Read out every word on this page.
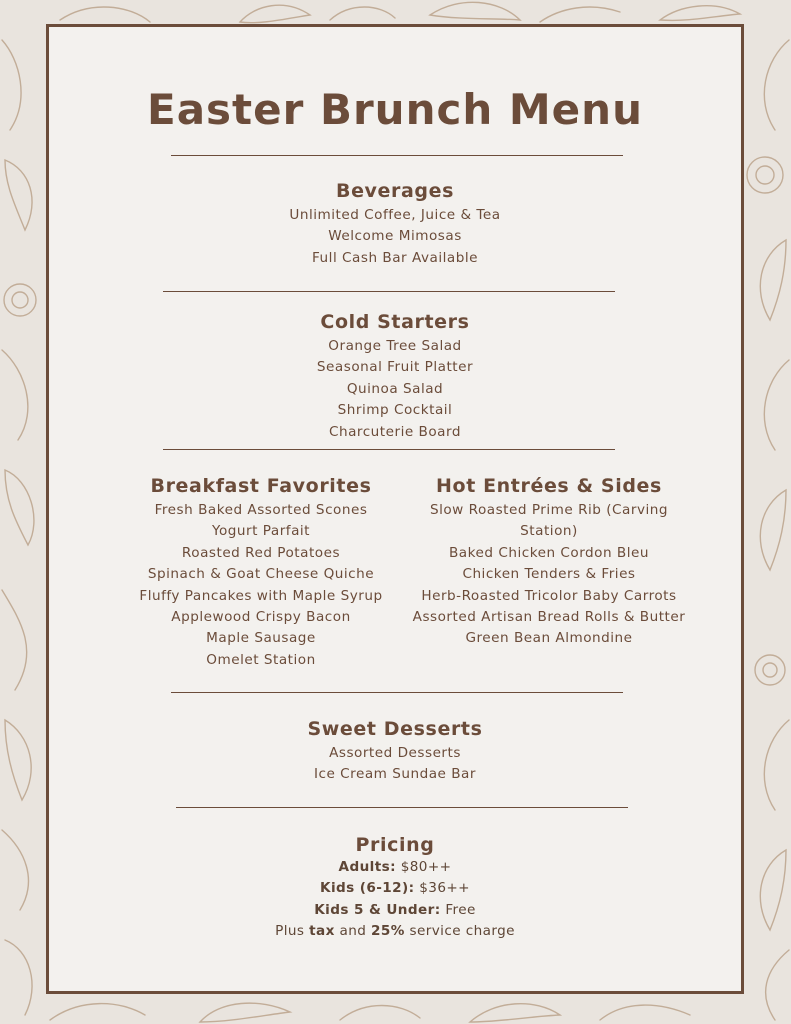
Easter Brunch Menu
Beverages
Unlimited Coffee, Juice & Tea
Welcome Mimosas
Full Cash Bar Available
Cold Starters
Orange Tree Salad
Seasonal Fruit Platter
Quinoa Salad
Shrimp Cocktail
Charcuterie Board
Breakfast Favorites
Fresh Baked Assorted Scones
Yogurt Parfait
Roasted Red Potatoes
Spinach & Goat Cheese Quiche
Fluffy Pancakes with Maple Syrup
Applewood Crispy Bacon
Maple Sausage
Omelet Station
Hot Entrées & Sides
Slow Roasted Prime Rib (Carving Station)
Baked Chicken Cordon Bleu
Chicken Tenders & Fries
Herb-Roasted Tricolor Baby Carrots
Assorted Artisan Bread Rolls & Butter
Green Bean Almondine
Sweet Desserts
Assorted Desserts
Ice Cream Sundae Bar
Pricing
Adults: $80++
Kids (6-12): $36++
Kids 5 & Under: Free
Plus tax and 25% service charge
